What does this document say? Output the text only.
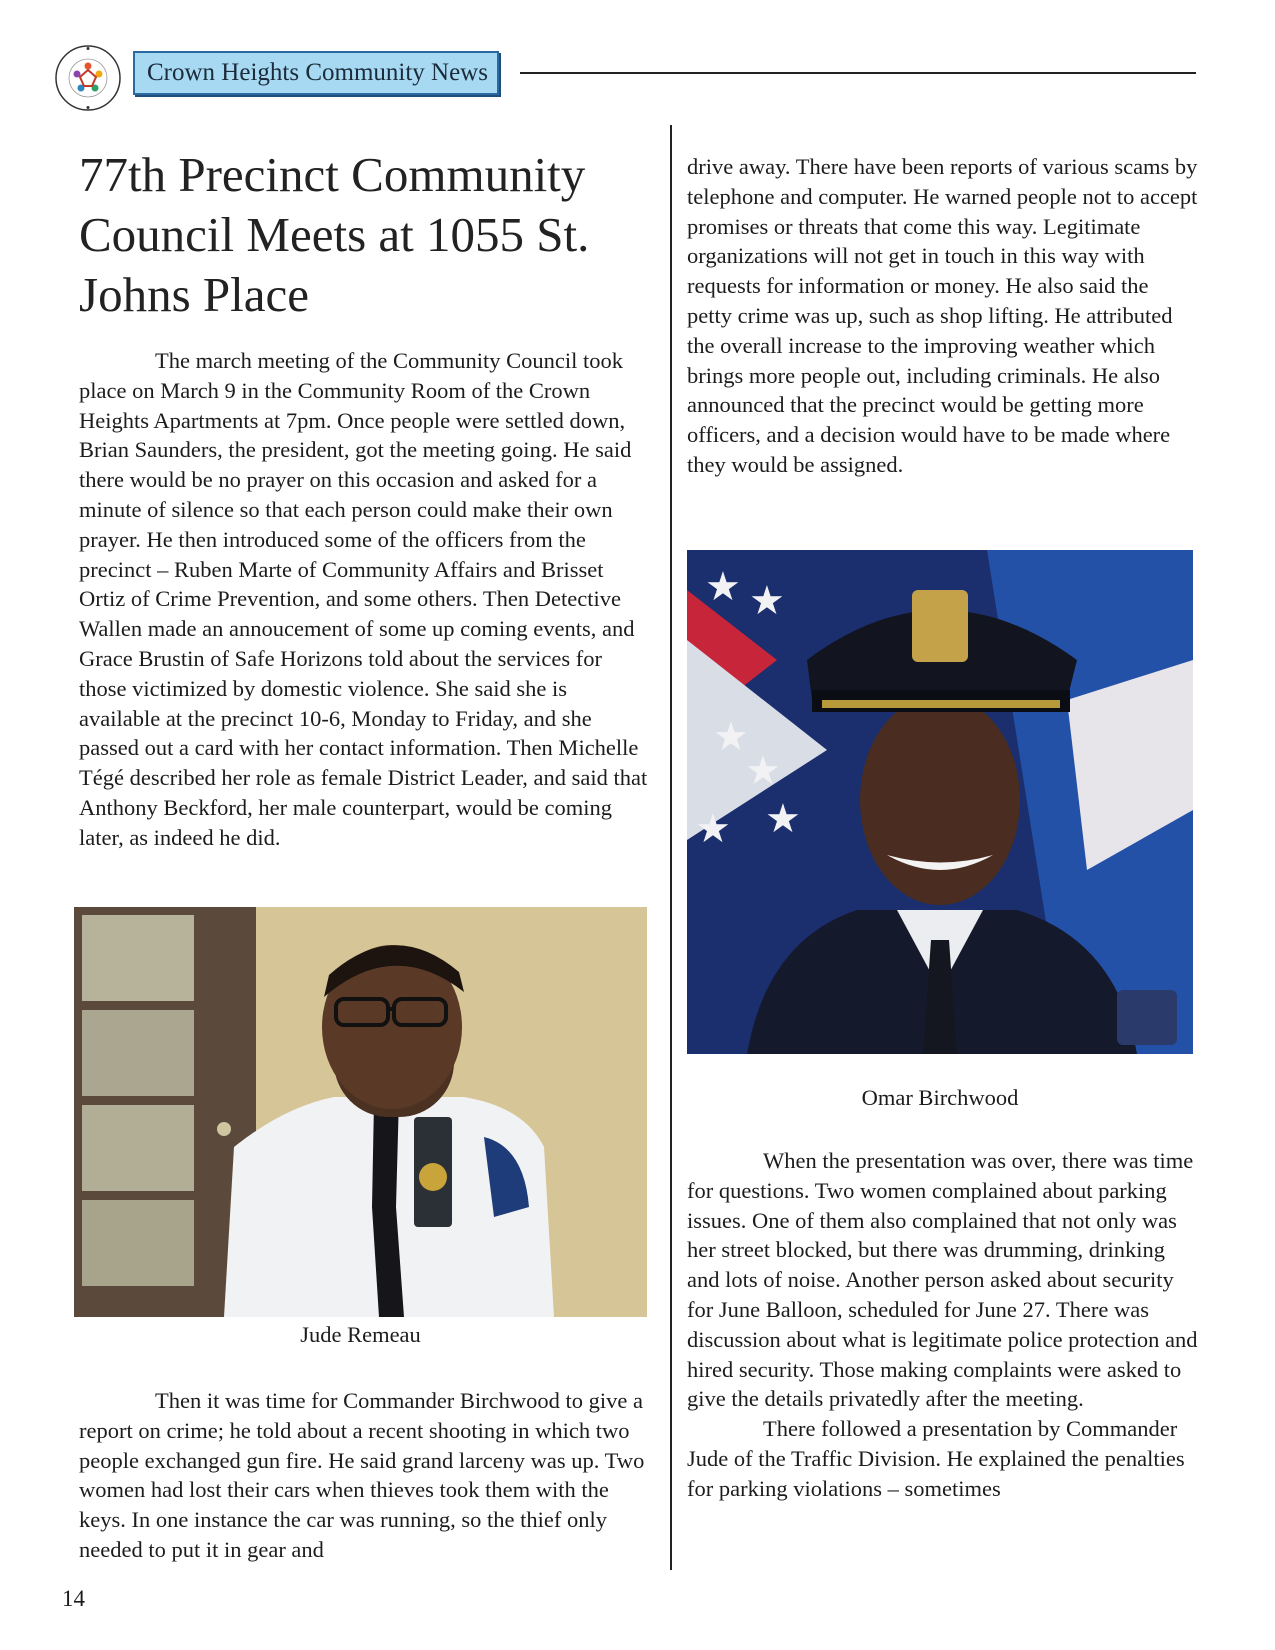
Crown Heights Community News
77th Precinct Community Council Meets at 1055 St. Johns Place

The march meeting of the Community Council took place on March 9 in the Community Room of the Crown Heights Apartments at 7pm. Once people were settled down, Brian Saunders, the president, got the meeting going. He said there would be no prayer on this occasion and asked for a minute of silence so that each person could make their own prayer. He then introduced some of the officers from the precinct – Ruben Marte of Community Affairs and Brisset Ortiz of Crime Prevention, and some others. Then Detective Wallen made an annoucement of some up coming events, and Grace Brustin of Safe Horizons told about the services for those victimized by domestic violence. She said she is available at the precinct 10-6, Monday to Friday, and she passed out a card with her contact information. Then Michelle Tégé described her role as female District Leader, and said that Anthony Beckford, her male counterpart, would be coming later, as indeed he did.

Jude Remeau

Then it was time for Commander Birchwood to give a report on crime; he told about a recent shooting in which two people exchanged gun fire. He said grand larceny was up. Two women had lost their cars when thieves took them with the keys. In one instance the car was running, so the thief only needed to put it in gear and

drive away. There have been reports of various scams by telephone and computer. He warned people not to accept promises or threats that come this way. Legitimate organizations will not get in touch in this way with requests for information or money. He also said the petty crime was up, such as shop lifting. He attributed the overall increase to the improving weather which brings more people out, including criminals. He also announced that the precinct would be getting more officers, and a decision would have to be made where they would be assigned.

★ ★
★
★
★
★
Omar Birchwood

When the presentation was over, there was time for questions. Two women complained about parking issues. One of them also complained that not only was her street blocked, but there was drumming, drinking and lots of noise. Another person asked about security for June Balloon, scheduled for June 27. There was discussion about what is legitimate police protection and hired security. Those making complaints were asked to give the details privatedly after the meeting.

There followed a presentation by Commander Jude of the Traffic Division. He explained the penalties for parking violations – sometimes

14
